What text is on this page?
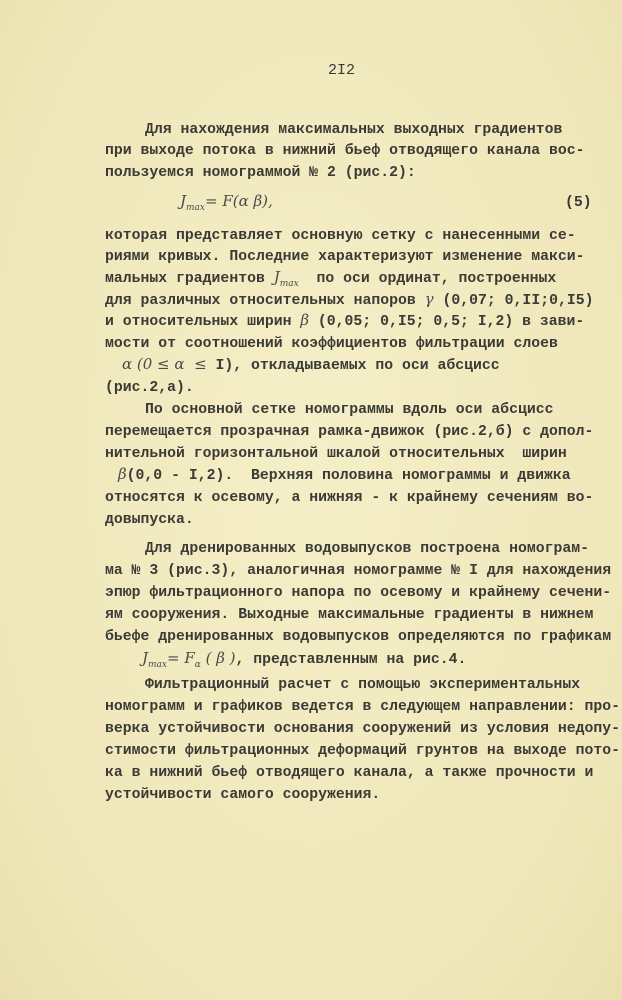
2I2
Для нахождения максимальных выходных градиентов
при выходе потока в нижний бьеф отводящего канала вос-
пользуемся номограммой № 2 (рис.2):
$J_{max}= F(\alpha$ β),	(5)
которая представляет основную сетку с нанесенными се-
риями кривых. Последние характеризуют изменение макси-
мальных градиентов $J_{max}$  по оси ординат, построенных
для различных относительных напоров γ (0,07; 0,II;0,I5)
и относительных ширин β (0,05; 0,I5; 0,5; I,2) в зави-
мости от соотношений коэффициентов фильтрации слоев
α (0 ≤ α  ≤ I), откладываемых по оси абсцисс
(рис.2,а).
По основной сетке номограммы вдоль оси абсцисс
перемещается прозрачная рамка-движок (рис.2,б) с допол-
нительной горизонтальной шкалой относительных  ширин
β(0,0 - I,2).  Верхняя половина номограммы и движка
относятся к осевому, а нижняя - к крайнему сечениям во-
довыпуска.
Для дренированных водовыпусков построена номограм-
ма № 3 (рис.3), аналогичная номограмме № I для нахождения
эпюр фильтрационного напора по осевому и крайнему сечени-
ям сооружения. Выходные максимальные градиенты в нижнем
бьефе дренированных водовыпусков определяются по графикам
$J_{max}= F_\alpha$ ( β ), представленным на рис.4.
Фильтрационный расчет с помощью экспериментальных
номограмм и графиков ведется в следующем направлении: про-
верка устойчивости основания сооружений из условия недопу-
стимости фильтрационных деформаций грунтов на выходе пото-
ка в нижний бьеф отводящего канала, а также прочности и
устойчивости самого сооружения.
